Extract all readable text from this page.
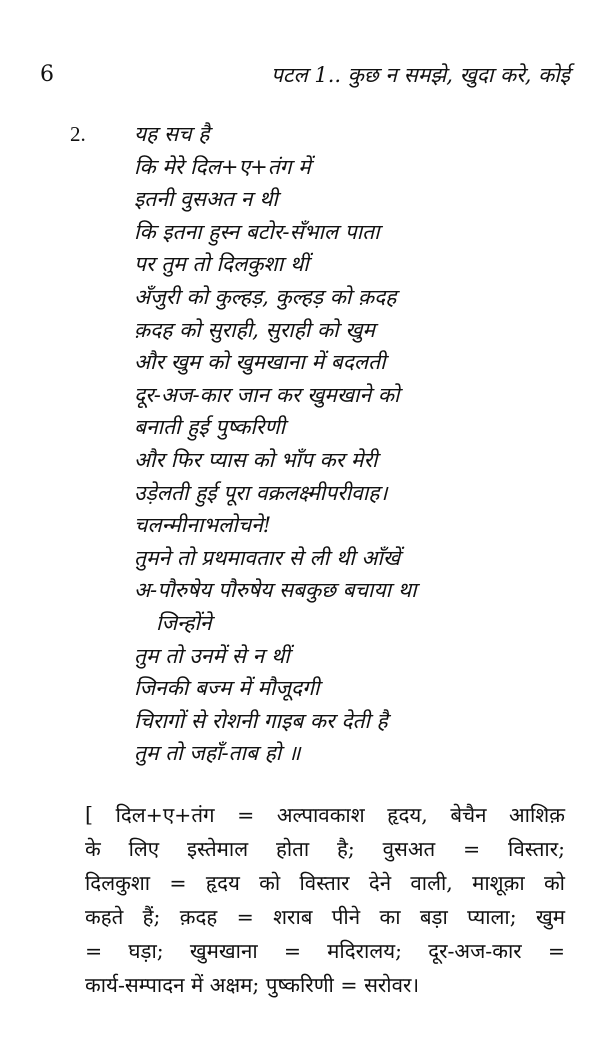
6	पटल 1.. कुछ न समझे, खुदा करे, कोई
2. यह सच है
कि मेरे दिल+ए+तंग में
इतनी वुसअत न थी
कि इतना हुस्न बटोर-सँभाल पाता
पर तुम तो दिलकुशा थीं
अँजुरी को कुल्हड़, कुल्हड़ को क़दह
क़दह को सुराही, सुराही को खुम
और खुम को खुमखाना में बदलती
दूर-अज-कार जान कर खुमखाने को
बनाती हुई पुष्करिणी
और फिर प्यास को भाँप कर मेरी
उड़ेलती हुई पूरा वक्रलक्ष्मीपरीवाह।
चलन्मीनाभलोचने!
तुमने तो प्रथमावतार से ली थी आँखें
अ-पौरुषेय पौरुषेय सबकुछ बचाया था
जिन्होंने
तुम तो उनमें से न थीं
जिनकी बज्म में मौजूदगी
चिरागों से रोशनी गाइब कर देती है
तुम तो जहाँ-ताब हो ॥
[ दिल+ए+तंग = अल्पावकाश हृदय, बेचैन आशिक़
के लिए इस्तेमाल होता है; वुसअत = विस्तार;
दिलकुशा = हृदय को विस्तार देने वाली, माशूक़ा को
कहते हैं; क़दह = शराब पीने का बड़ा प्याला; खुम
= घड़ा; खुमखाना = मदिरालय; दूर-अज-कार =
कार्य-सम्पादन में अक्षम; पुष्करिणी = सरोवर।
